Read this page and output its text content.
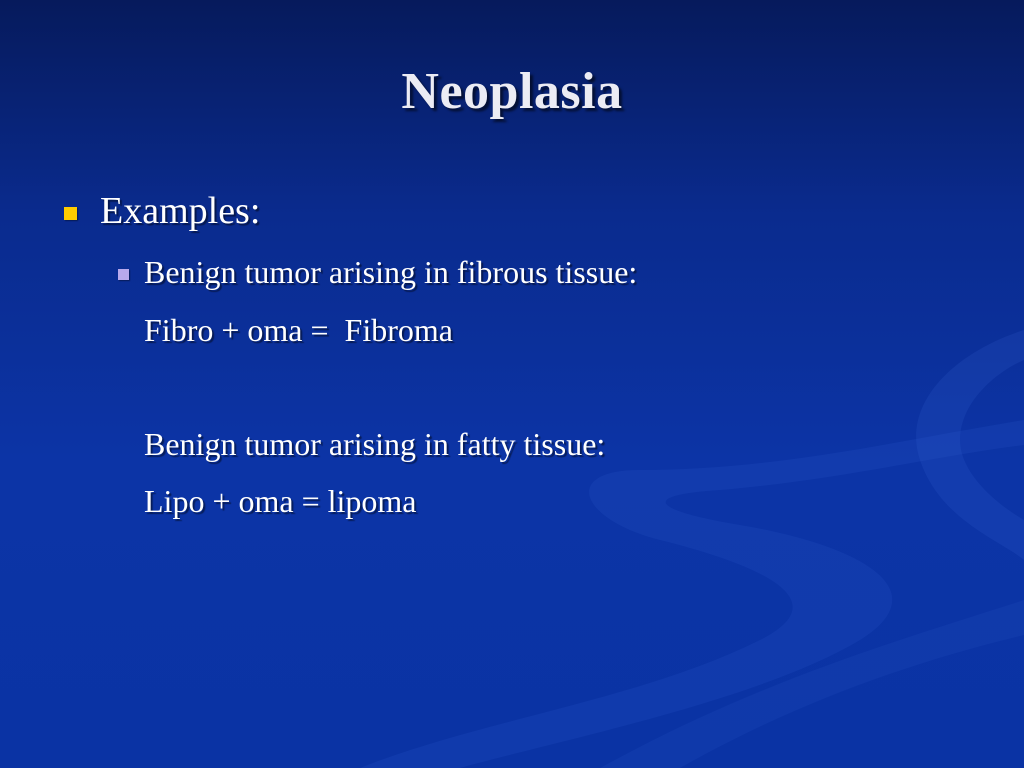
Neoplasia
Examples:
Benign tumor arising in fibrous tissue:
Fibro + oma =  Fibroma
Benign tumor arising in fatty tissue:
Lipo + oma = lipoma
